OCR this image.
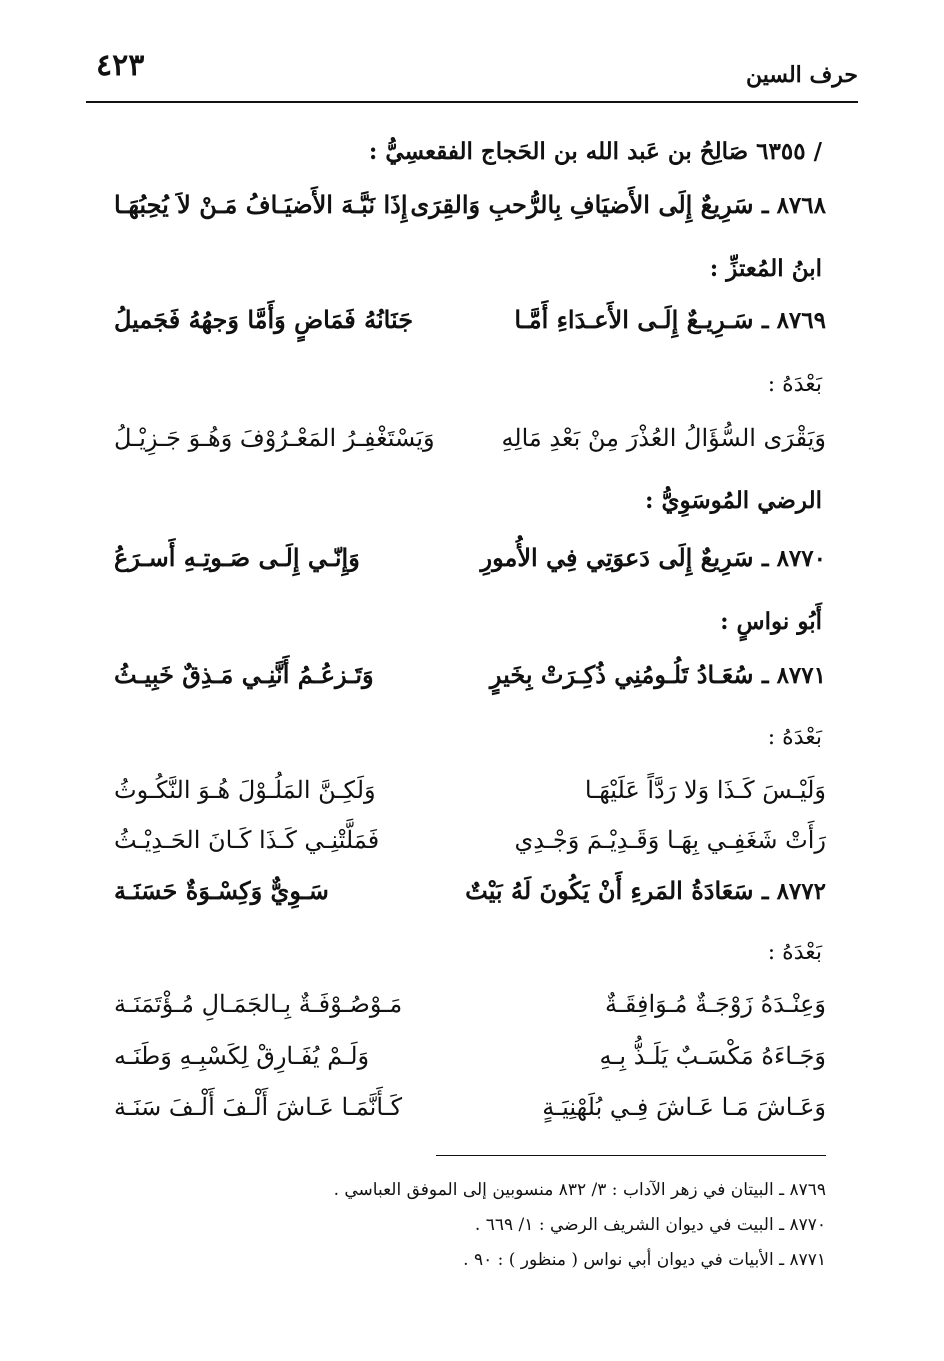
٤٢٣	حرف السين
/ ٦٣٥٥ صَالِحُ بن عَبد الله بن الحَجاج الفقعسِيُّ :
٨٧٦٨ ـ سَرِيعٌ إِلَى الأَضيَافِ بِالرُّحبِ وَالقِرَى
إِذَا نَبَّـهَ الأَضيَـافُ مَـنْ لاَ يُحِبُهَـا
ابنُ المُعتزِّ :
٨٧٦٩ ـ سَـرِيـعٌ إِلَـى الأَعـدَاءِ أَمَّـا
جَنَانُهُ فَمَاضٍ وَأَمَّا وَجهُهُ فَجَميلُ
بَعْدَهُ :
وَيَقْرَى السُّؤَالُ العُذْرَ مِنْ بَعْدِ مَالِهِ
وَيَسْتَغْفِـرُ المَعْـرُوْفَ وَهُـوَ جَـزِيْـلُ
الرضي المُوسَوِيُّ :
٨٧٧٠ ـ سَرِيعٌ إِلَى دَعوَتِي فِي الأُمورِ
وَإِنّـي إِلَـى صَـوتِـهِ أَسـرَعُ
أَبُو نواسٍ :
٨٧٧١ ـ سُعَـادُ تَلُـومُنِي ذُكِـرَتْ بِخَيرٍ
وَتَـزعُـمُ أَنَّنِـي مَـذِقٌ خَبِيـثُ
بَعْدَهُ :
وَلَيْـسَ كَـذَا وَلا رَدَّاً عَلَيْهَـا
وَلَكِـنَّ المَلُـوْلَ هُـوَ النَّكُـوثُ
رَأَتْ شَغَفِـي بِهَـا وَقَـدِيْـمَ وَجْـدِي
فَمَلَّتْنِـي كَـذَا كَـانَ الحَـدِيْـثُ
٨٧٧٢ ـ سَعَادَةُ المَرءِ أَنْ يَكُونَ لَهُ بَيْتٌ
سَـوِيٌّ وَكِسْـوَةٌ حَسَنَـة
بَعْدَهُ :
وَعِنْـدَهُ زَوْجَـةٌ مُـوَافِقَـةٌ
مَـوْصُـوْفَـةٌ بِـالجَمَـالِ مُـؤْتَمَنَـة
وَجَـاءَهُ مَكْسَـبٌ يَلَـذُّ بِـهِ
وَلَـمْ يُفَـارِقْ لِكَسْبِـهِ وَطَنَـه
وَعَـاشَ مَـا عَـاشَ فِـي بُلَهْنِيَـةٍ
كَـأَنَّمَـا عَـاشَ أَلْـفَ أَلْـفَ سَنَـة
٨٧٦٩ ـ البيتان في زهر الآداب : ٣/ ٨٣٢ منسوبين إلى الموفق العباسي .
٨٧٧٠ ـ البيت في ديوان الشريف الرضي : ١/ ٦٦٩ .
٨٧٧١ ـ الأبيات في ديوان أبي نواس ( منظور ) : ٩٠ .
